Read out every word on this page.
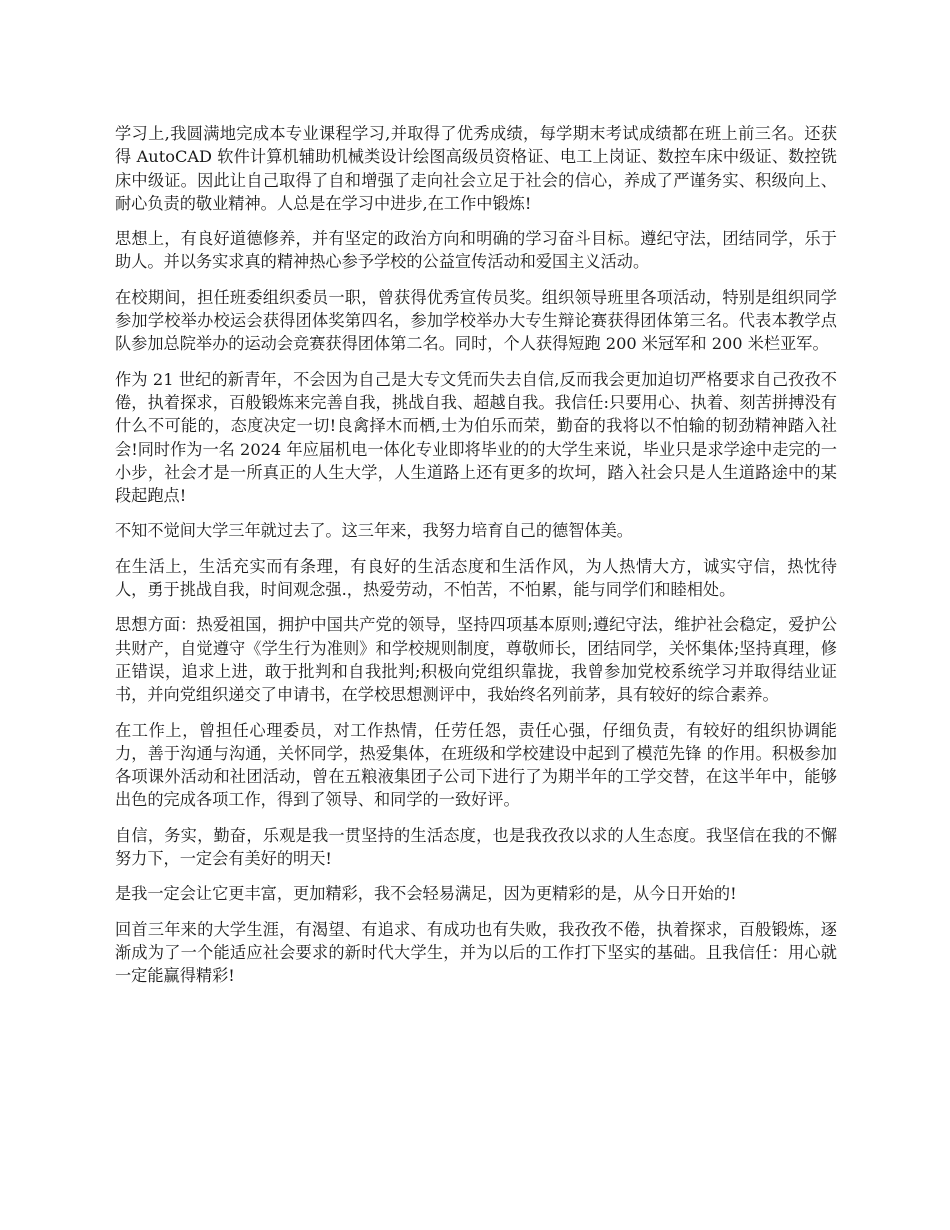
学习上,我圆满地完成本专业课程学习,并取得了优秀成绩，每学期末考试成绩都在班上前三名。还获得 AutoCAD 软件计算机辅助机械类设计绘图高级员资格证、电工上岗证、数控车床中级证、数控铣床中级证。因此让自己取得了自和增强了走向社会立足于社会的信心，养成了严谨务实、积级向上、耐心负责的敬业精神。人总是在学习中进步,在工作中锻炼!

思想上，有良好道德修养，并有坚定的政治方向和明确的学习奋斗目标。遵纪守法，团结同学，乐于助人。并以务实求真的精神热心参予学校的公益宣传活动和爱国主义活动。

在校期间，担任班委组织委员一职，曾获得优秀宣传员奖。组织领导班里各项活动，特别是组织同学参加学校举办校运会获得团体奖第四名，参加学校举办大专生辩论赛获得团体第三名。代表本教学点队参加总院举办的运动会竞赛获得团体第二名。同时，个人获得短跑 200 米冠军和 200 米栏亚军。

作为 21 世纪的新青年，不会因为自己是大专文凭而失去自信,反而我会更加迫切严格要求自己孜孜不倦，执着探求，百般锻炼来完善自我，挑战自我、超越自我。我信任:只要用心、执着、刻苦拼搏没有什么不可能的，态度决定一切!良禽择木而栖,士为伯乐而荣，勤奋的我将以不怕输的韧劲精神踏入社会!同时作为一名 2024 年应届机电一体化专业即将毕业的的大学生来说，毕业只是求学途中走完的一小步，社会才是一所真正的人生大学，人生道路上还有更多的坎坷，踏入社会只是人生道路途中的某段起跑点!

不知不觉间大学三年就过去了。这三年来，我努力培育自己的德智体美。

在生活上，生活充实而有条理，有良好的生活态度和生活作风，为人热情大方，诚实守信，热忱待人，勇于挑战自我，时间观念强.，热爱劳动，不怕苦，不怕累，能与同学们和睦相处。

思想方面：热爱祖国，拥护中国共产党的领导，坚持四项基本原则;遵纪守法，维护社会稳定，爱护公共财产，自觉遵守《学生行为准则》和学校规则制度，尊敬师长，团结同学，关怀集体;坚持真理，修正错误，追求上进，敢于批判和自我批判;积极向党组织靠拢，我曾参加党校系统学习并取得结业证书，并向党组织递交了申请书，在学校思想测评中，我始终名列前茅，具有较好的综合素养。

在工作上，曾担任心理委员，对工作热情，任劳任怨，责任心强，仔细负责，有较好的组织协调能力，善于沟通与沟通，关怀同学，热爱集体，在班级和学校建设中起到了模范先锋 的作用。积极参加各项课外活动和社团活动，曾在五粮液集团子公司下进行了为期半年的工学交替，在这半年中，能够出色的完成各项工作，得到了领导、和同学的一致好评。

自信，务实，勤奋，乐观是我一贯坚持的生活态度，也是我孜孜以求的人生态度。我坚信在我的不懈努力下，一定会有美好的明天!

是我一定会让它更丰富，更加精彩，我不会轻易满足，因为更精彩的是，从今日开始的!

回首三年来的大学生涯，有渴望、有追求、有成功也有失败，我孜孜不倦，执着探求，百般锻炼，逐渐成为了一个能适应社会要求的新时代大学生，并为以后的工作打下坚实的基础。且我信任：用心就一定能赢得精彩!
